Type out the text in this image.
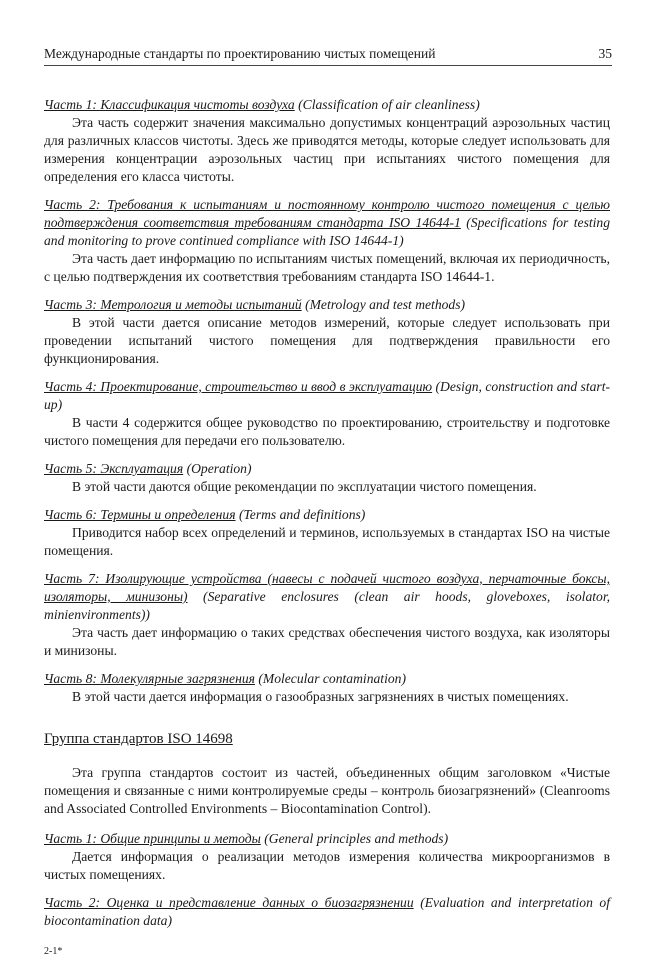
Международные стандарты по проектированию чистых помещений	35
Часть 1: Классификация чистоты воздуха (Classification of air cleanliness)

Эта часть содержит значения максимально допустимых концентраций аэрозольных частиц для различных классов чистоты. Здесь же приводятся методы, которые следует использовать для измерения концентрации аэрозольных частиц при испытаниях чистого помещения для определения его класса чистоты.

Часть 2: Требования к испытаниям и постоянному контролю чистого помещения с целью подтверждения соответствия требованиям стандарта ISO 14644-1 (Specifications for testing and monitoring to prove continued compliance with ISO 14644-1)

Эта часть дает информацию по испытаниям чистых помещений, включая их периодичность, с целью подтверждения их соответствия требованиям стандарта ISO 14644-1.

Часть 3: Метрология и методы испытаний (Metrology and test methods)

В этой части дается описание методов измерений, которые следует использовать при проведении испытаний чистого помещения для подтверждения правильности его функционирования.

Часть 4: Проектирование, строительство и ввод в эксплуатацию (Design, construction and start-up)

В части 4 содержится общее руководство по проектированию, строительству и подготовке чистого помещения для передачи его пользователю.

Часть 5: Эксплуатация (Operation)

В этой части даются общие рекомендации по эксплуатации чистого помещения.

Часть 6: Термины и определения (Terms and definitions)

Приводится набор всех определений и терминов, используемых в стандартах ISO на чистые помещения.

Часть 7: Изолирующие устройства (навесы с подачей чистого воздуха, перчаточные боксы, изоляторы, минизоны) (Separative enclosures (clean air hoods, gloveboxes, isolator, minienvironments))

Эта часть дает информацию о таких средствах обеспечения чистого воздуха, как изоляторы и минизоны.

Часть 8: Молекулярные загрязнения (Molecular contamination)

В этой части дается информация о газообразных загрязнениях в чистых помещениях.

Группа стандартов ISO 14698

Эта группа стандартов состоит из частей, объединенных общим заголовком «Чистые помещения и связанные с ними контролируемые среды – контроль биозагрязнений» (Cleanrooms and Associated Controlled Environments – Biocontamination Control).

Часть 1: Общие принципы и методы (General principles and methods)

Дается информация о реализации методов измерения количества микроорганизмов в чистых помещениях.

Часть 2: Оценка и представление данных о биозагрязнении (Evaluation and interpretation of biocontamination data)
2-1*
